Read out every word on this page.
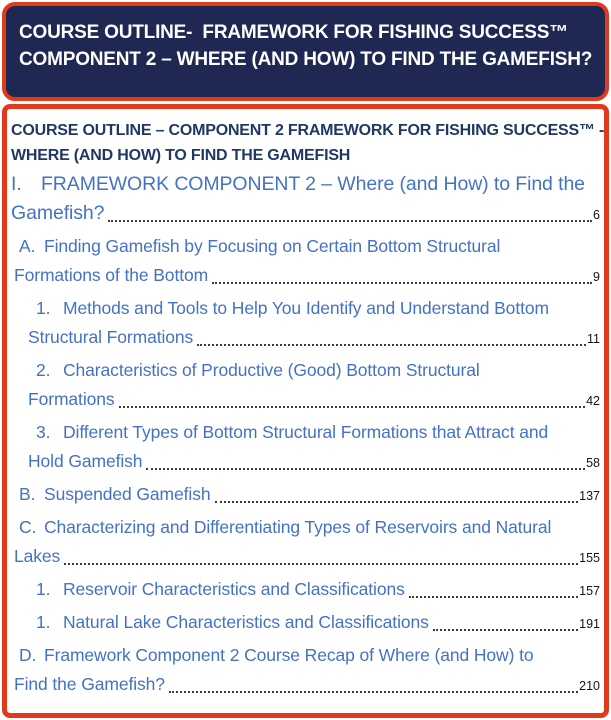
COURSE OUTLINE-  FRAMEWORK FOR FISHING SUCCESS™
COMPONENT 2 – WHERE (AND HOW) TO FIND THE GAMEFISH?
COURSE OUTLINE – COMPONENT 2 FRAMEWORK FOR FISHING SUCCESS™ -
WHERE (AND HOW) TO FIND THE GAMEFISH
I. FRAMEWORK COMPONENT 2 – Where (and How) to Find the
Gamefish?	6
A. Finding Gamefish by Focusing on Certain Bottom Structural
Formations of the Bottom	9
1. Methods and Tools to Help You Identify and Understand Bottom
Structural Formations	11
2. Characteristics of Productive (Good) Bottom Structural
Formations	42
3. Different Types of Bottom Structural Formations that Attract and
Hold Gamefish	58
B. Suspended Gamefish	137
C. Characterizing and Differentiating Types of Reservoirs and Natural
Lakes	155
1. Reservoir Characteristics and Classifications	157
1. Natural Lake Characteristics and Classifications	191
D. Framework Component 2 Course Recap of Where (and How) to
Find the Gamefish?	210
